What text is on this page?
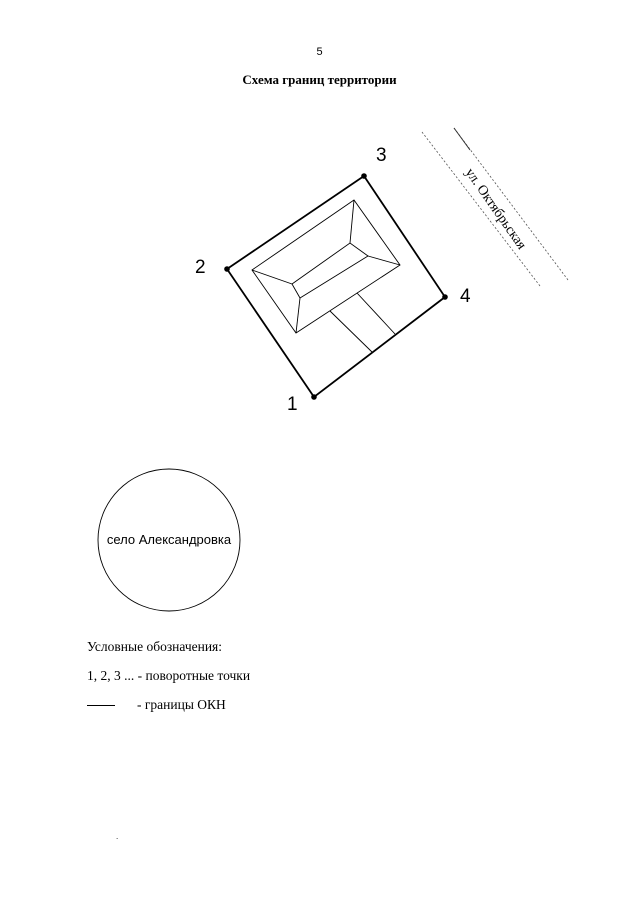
5
Схема границ территории
ул. Октябрьская
1
2
3
4
село Александровка
Условные обозначения:
1, 2, 3 ... - поворотные точки
- границы ОКН
.
